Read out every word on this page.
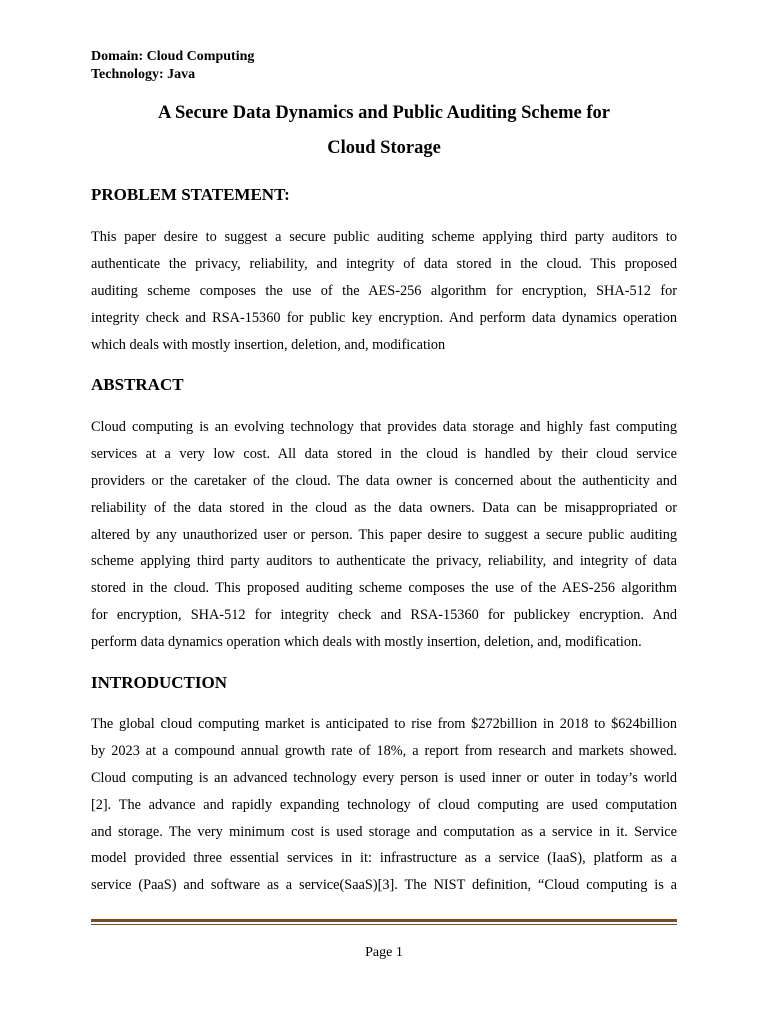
Domain: Cloud Computing
Technology: Java
A Secure Data Dynamics and Public Auditing Scheme for
Cloud Storage
PROBLEM STATEMENT:
This paper desire to suggest a secure public auditing scheme applying third party auditors to
authenticate the privacy, reliability, and integrity of data stored in the cloud. This proposed
auditing scheme composes the use of the AES-256 algorithm for encryption, SHA-512 for
integrity check and RSA-15360 for public key encryption. And perform data dynamics operation
which deals with mostly insertion, deletion, and, modification
ABSTRACT
Cloud computing is an evolving technology that provides data storage and highly fast computing
services at a very low cost. All data stored in the cloud is handled by their cloud service
providers or the caretaker of the cloud. The data owner is concerned about the authenticity and
reliability of the data stored in the cloud as the data owners. Data can be misappropriated or
altered by any unauthorized user or person. This paper desire to suggest a secure public auditing
scheme applying third party auditors to authenticate the privacy, reliability, and integrity of data
stored in the cloud. This proposed auditing scheme composes the use of the AES-256 algorithm
for encryption, SHA-512 for integrity check and RSA-15360 for publickey encryption. And
perform data dynamics operation which deals with mostly insertion, deletion, and, modification.
INTRODUCTION
The global cloud computing market is anticipated to rise from $272billion in 2018 to $624billion
by 2023 at a compound annual growth rate of 18%, a report from research and markets showed.
Cloud computing is an advanced technology every person is used inner or outer in today’s world
[2]. The advance and rapidly expanding technology of cloud computing are used computation
and storage. The very minimum cost is used storage and computation as a service in it. Service
model provided three essential services in it: infrastructure as a service (IaaS), platform as a
service (PaaS) and software as a service(SaaS)[3]. The NIST definition, “Cloud computing is a
Page 1
